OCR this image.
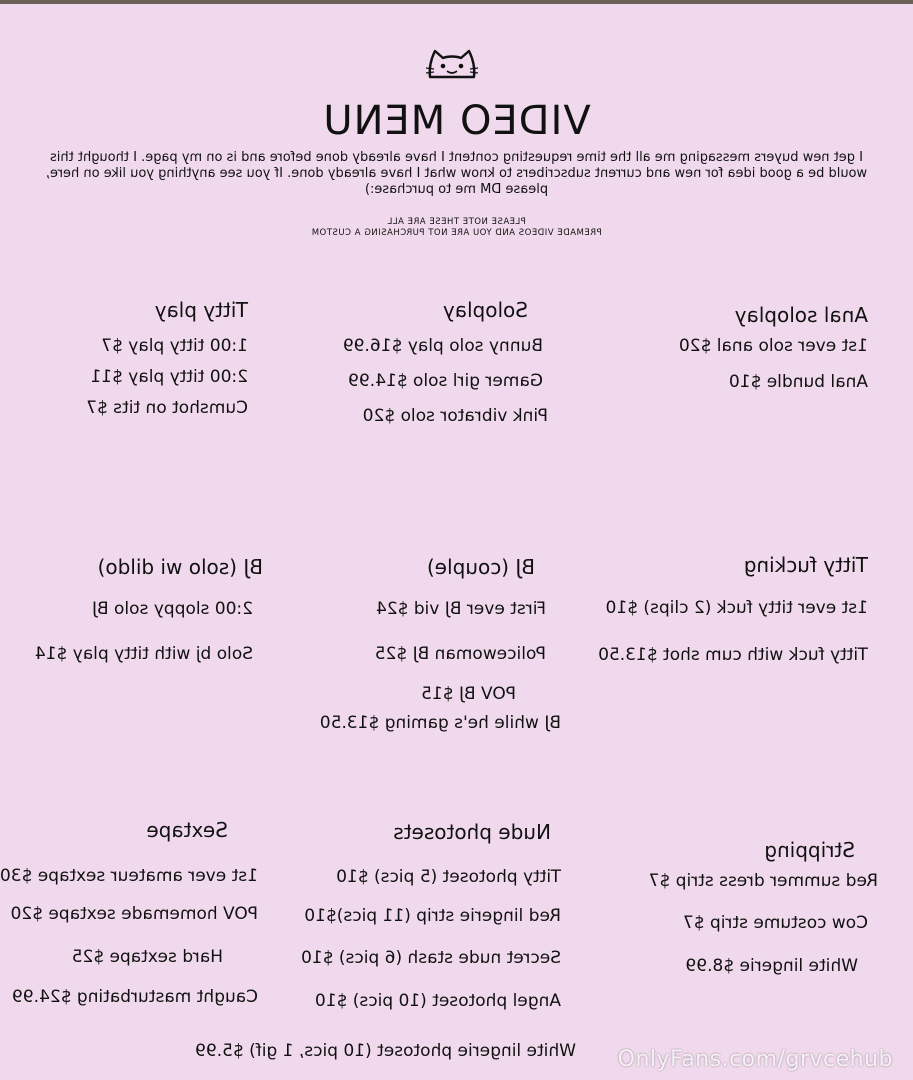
VIDEO MENU
I get new buyers messaging me all the time requesting content I have already done before and is on my page. I thought this would be a good idea for new and current subscribers to know what I have already done. If you see anything you like on here, please DM me to purchase:)
PLEASE NOTE THESE ARE ALL
PREMADE VIDEOS AND YOU ARE NOT PURCHASING A CUSTOM
Anal soloplay
1st ever solo anal $20
Anal bundle $10
Soloplay
Bunny solo play $16.99
Gamer girl solo $14.99
Pink vibrator solo $20
Titty play
1:00 titty play $7
2:00 titty play $11
Cumshot on tits $7
Titty fucking
1st ever titty fuck (2 clips) $10
Titty fuck with cum shot $13.50
BJ (couple)
First ever BJ vid $24
Policewoman BJ $25
POV BJ $15
BJ while he's gaming $13.50
BJ (solo wi dildo)
2:00 sloppy solo BJ
Solo bj with titty play $14
Stripping
Red summer dress strip $7
Cow costume strip $7
White lingerie $8.99
Nude photosets
Titty photoset (5 pics) $10
Red lingerie strip (11 pics)$10
Secret nude stash (6 pics) $10
Angel photoset (10 pics) $10
White lingerie photoset (10 pics, 1 gif) $5.99
Sextape
1st ever amateur sextape $30
POV homemade sextape $20
Hard sextape $25
Caught masturbating $24.99
OnlyFans.com/grvcehub
